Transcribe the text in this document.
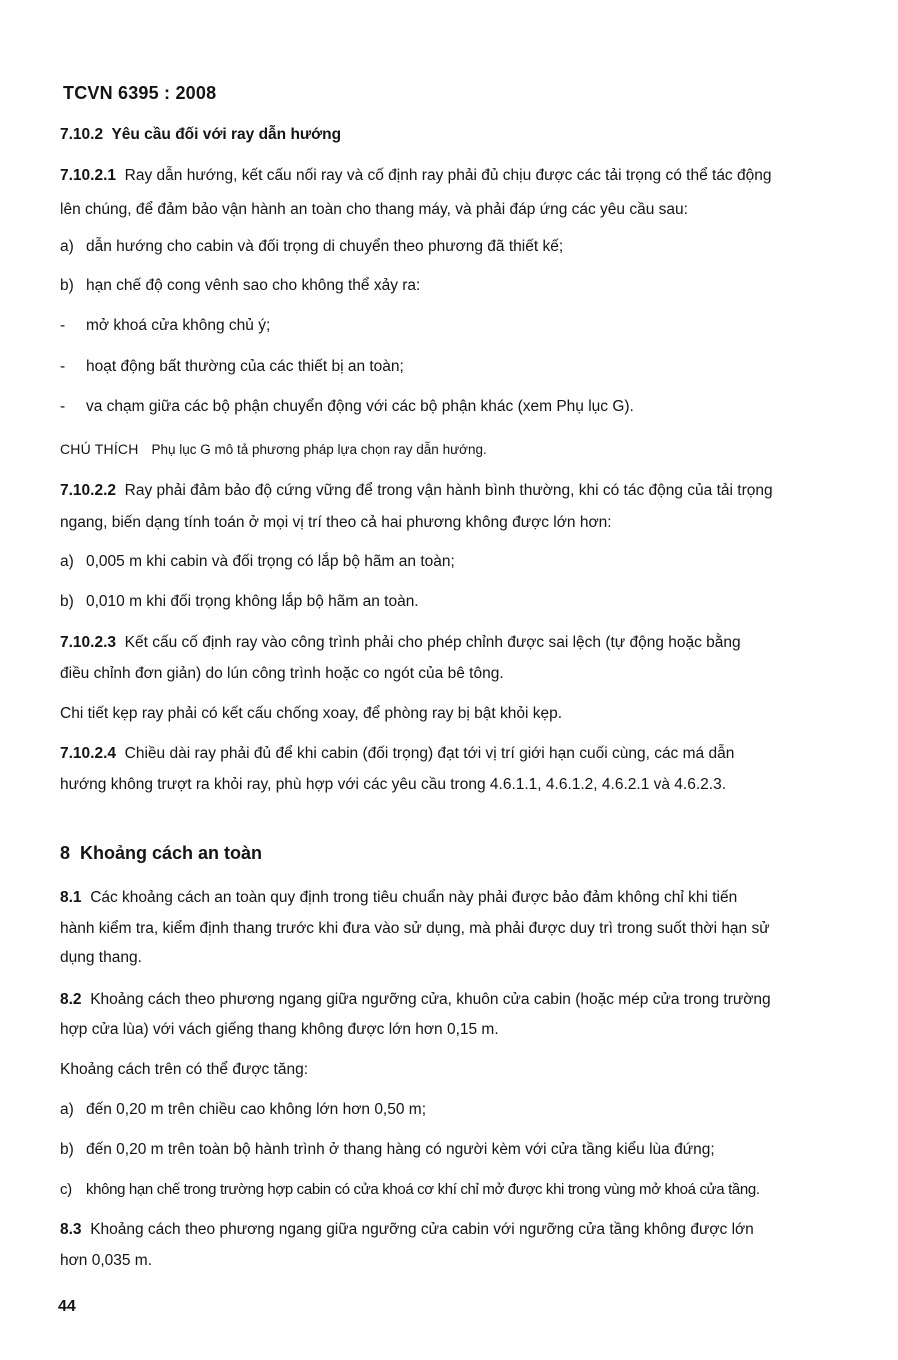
TCVN 6395 : 2008

7.10.2 Yêu cầu đối với ray dẫn hướng

7.10.2.1 Ray dẫn hướng, kết cấu nối ray và cố định ray phải đủ chịu được các tải trọng có thể tác động

lên chúng, để đảm bảo vận hành an toàn cho thang máy, và phải đáp ứng các yêu cầu sau:

a) dẫn hướng cho cabin và đối trọng di chuyển theo phương đã thiết kế;

b) hạn chế độ cong vênh sao cho không thể xảy ra:

- mở khoá cửa không chủ ý;

- hoạt động bất thường của các thiết bị an toàn;

- va chạm giữa các bộ phận chuyển động với các bộ phận khác (xem Phụ lục G).

CHÚ THÍCH Phụ lục G mô tả phương pháp lựa chọn ray dẫn hướng.

7.10.2.2 Ray phải đảm bảo độ cứng vững để trong vận hành bình thường, khi có tác động của tải trọng

ngang, biến dạng tính toán ở mọi vị trí theo cả hai phương không được lớn hơn:

a) 0,005 m khi cabin và đối trọng có lắp bộ hãm an toàn;

b) 0,010 m khi đối trọng không lắp bộ hãm an toàn.

7.10.2.3 Kết cấu cố định ray vào công trình phải cho phép chỉnh được sai lệch (tự động hoặc bằng

điều chỉnh đơn giản) do lún công trình hoặc co ngót của bê tông.

Chi tiết kẹp ray phải có kết cấu chống xoay, để phòng ray bị bật khỏi kẹp.

7.10.2.4 Chiều dài ray phải đủ để khi cabin (đối trọng) đạt tới vị trí giới hạn cuối cùng, các má dẫn

hướng không trượt ra khỏi ray, phù hợp với các yêu cầu trong 4.6.1.1, 4.6.1.2, 4.6.2.1 và 4.6.2.3.

8 Khoảng cách an toàn

8.1 Các khoảng cách an toàn quy định trong tiêu chuẩn này phải được bảo đảm không chỉ khi tiến

hành kiểm tra, kiểm định thang trước khi đưa vào sử dụng, mà phải được duy trì trong suốt thời hạn sử

dụng thang.

8.2 Khoảng cách theo phương ngang giữa ngưỡng cửa, khuôn cửa cabin (hoặc mép cửa trong trường

hợp cửa lùa) với vách giếng thang không được lớn hơn 0,15 m.

Khoảng cách trên có thể được tăng:

a) đến 0,20 m trên chiều cao không lớn hơn 0,50 m;

b) đến 0,20 m trên toàn bộ hành trình ở thang hàng có người kèm với cửa tầng kiểu lùa đứng;

c) không hạn chế trong trường hợp cabin có cửa khoá cơ khí chỉ mở được khi trong vùng mở khoá cửa tầng.

8.3 Khoảng cách theo phương ngang giữa ngưỡng cửa cabin với ngưỡng cửa tầng không được lớn

hơn 0,035 m.

44
